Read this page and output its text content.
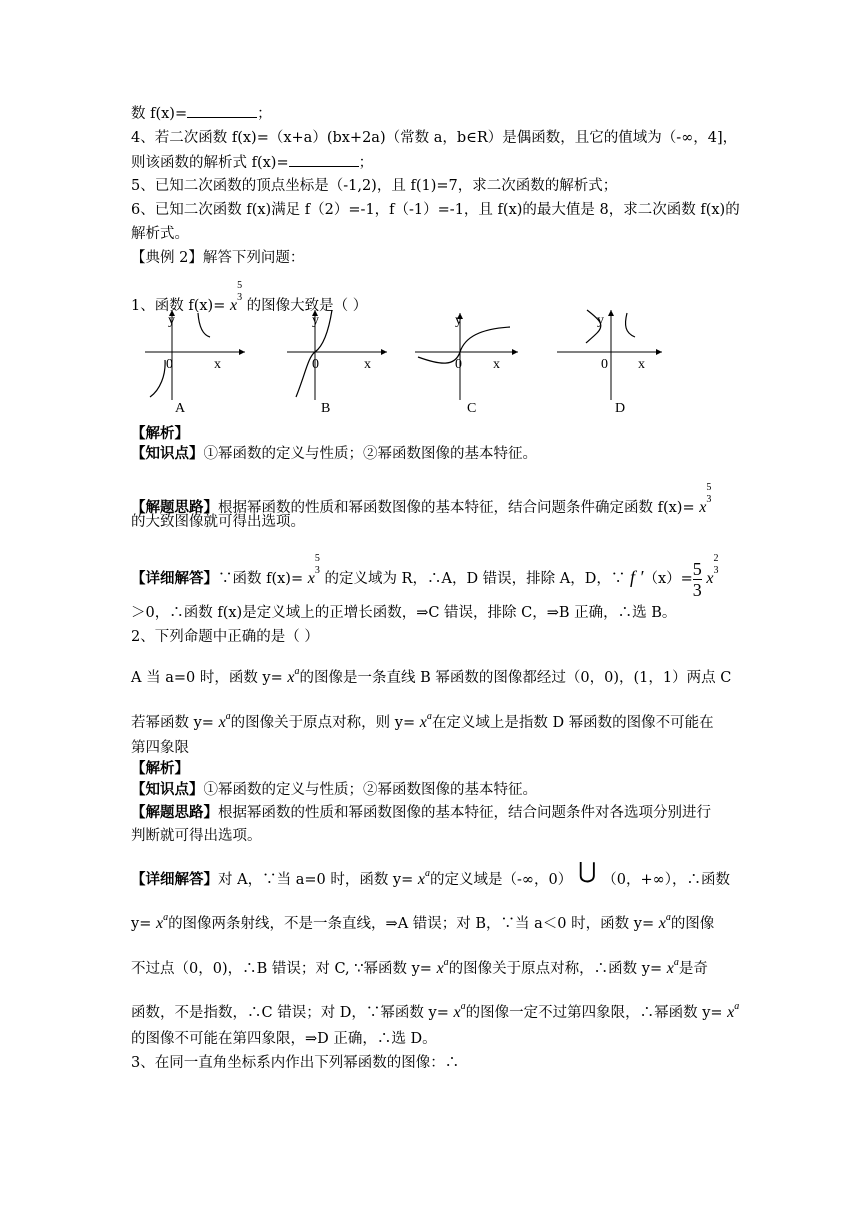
数 f(x)=	；
4、若二次函数 f(x)=（x+a）(bx+2a)（常数 a，b∈R）是偶函数，且它的值域为（-∞，4]，
则该函数的解析式 f(x)=	；
5、已知二次函数的顶点坐标是（-1,2)，且 f(1)=7，求二次函数的解析式；
6、已知二次函数 f(x)满足 f（2）=-1，f（-1）=-1，且 f(x)的最大值是 8，求二次函数 f(x)的
解析式。
【典例 2】解答下列问题：
1、函数 f(x)= x
5
3
的图像大致是（ ）
y
0	x
A
y
0	x
B
y
0 x
C
y
0 x
D
【解析】
【知识点】①幂函数的定义与性质；②幂函数图像的基本特征。
【解题思路】根据幂函数的性质和幂函数图像的基本特征，结合问题条件确定函数 f(x)= x
5
3
的大致图像就可得出选项。
【详细解答】∵函数 f(x)= x
5
3
的定义域为 R，∴A，D 错误，排除 A，D，∵ f $'(x)= \frac{5}{3}$ x
2
3
＞0，∴函数 f(x)是定义域上的正增长函数，⇒C 错误，排除 C，⇒B 正确，∴选 B。
2、下列命题中正确的是（ ）
A 当 a=0 时，函数 $y= x^a$的图像是一条直线 B 幂函数的图像都经过（0，0)，(1，1）两点 C
若幂函数 $y= x^a$的图像关于原点对称，则 $y= x^a$在定义域上是指数 D 幂函数的图像不可能在
第四象限
【解析】
【知识点】①幂函数的定义与性质；②幂函数图像的基本特征。
【解题思路】根据幂函数的性质和幂函数图像的基本特征，结合问题条件对各选项分别进行
判断就可得出选项。
【详细解答】对 A，∵当 a=0 时，函数 $y= x^a$的定义域是（-∞，0） ⋃ （0，+∞），∴函数
$y= x^a$的图像两条射线，不是一条直线，⇒A 错误；对 B，∵当 a＜0 时，函数 $y= x^a$的图像
不过点（0，0)，∴B 错误；对 C, ∵幂函数 $y= x^a$的图像关于原点对称，∴函数 $y= x^a$是奇
函数，不是指数，∴C 错误；对 D，∵幂函数 $y= x^a$的图像一定不过第四象限，∴幂函数 $y= x^a$
的图像不可能在第四象限，⇒D 正确，∴选 D。
3、在同一直角坐标系内作出下列幂函数的图像：∴
